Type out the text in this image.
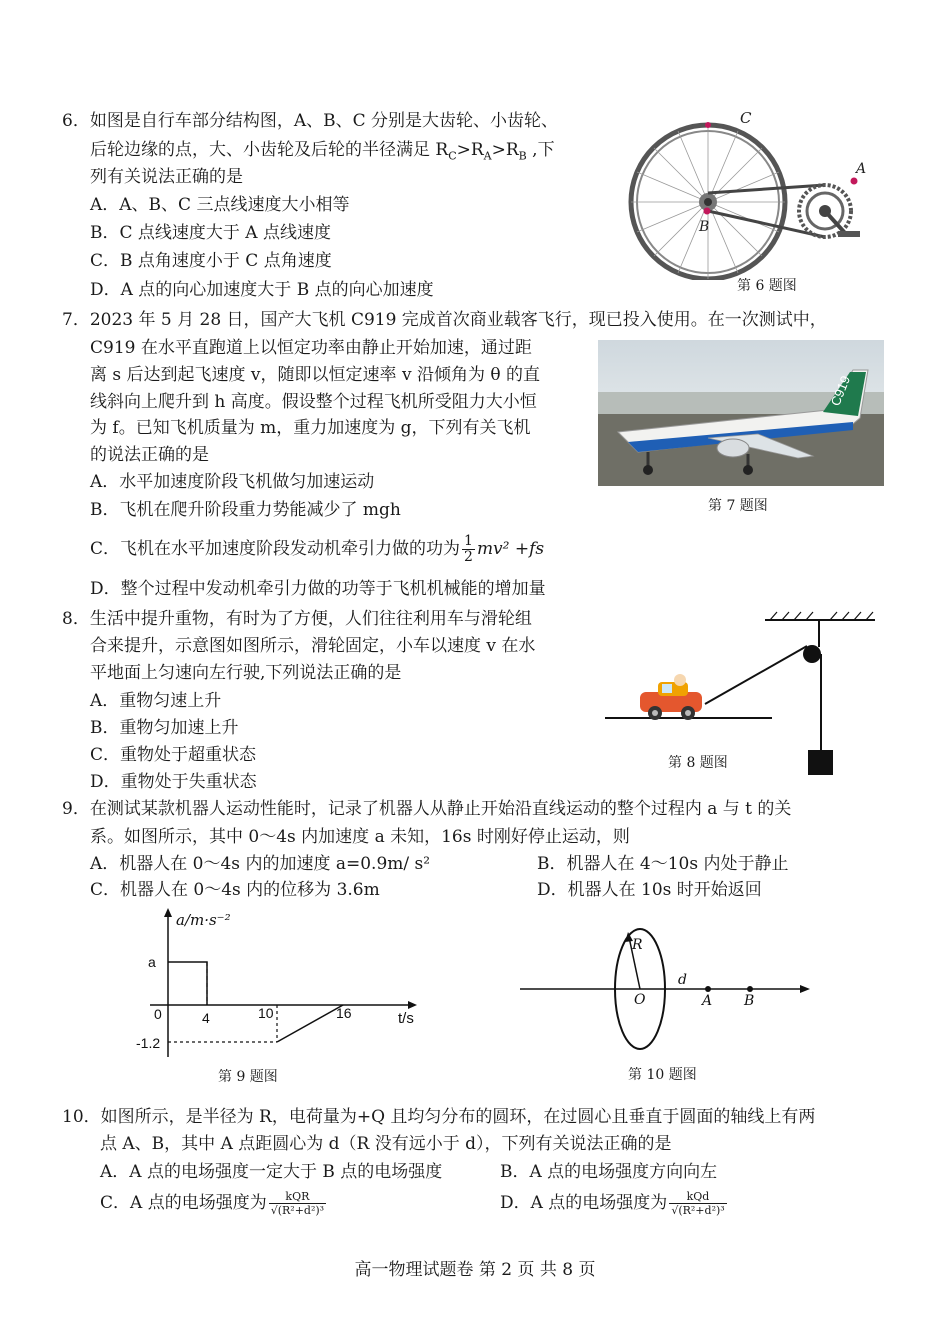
6．如图是自行车部分结构图，A、B、C 分别是大齿轮、小齿轮、
后轮边缘的点，大、小齿轮及后轮的半径满足 $R_C>R_A>R_B$ ,下
列有关说法正确的是
A．A、B、C 三点线速度大小相等
B．C 点线速度大于 A 点线速度
C．B 点角速度小于 C 点角速度
D．A 点的向心加速度大于 B 点的向心加速度
C
A
B
第 6 题图
7．2023 年 5 月 28 日，国产大飞机 C919 完成首次商业载客飞行，现已投入使用。在一次测试中，
C919 在水平直跑道上以恒定功率由静止开始加速，通过距
离 s 后达到起飞速度 v，随即以恒定速率 v 沿倾角为 θ 的直
线斜向上爬升到 h 高度。假设整个过程飞机所受阻力大小恒
为 f。已知飞机质量为 m，重力加速度为 g，下列有关飞机
的说法正确的是
A．水平加速度阶段飞机做匀加速运动
B．飞机在爬升阶段重力势能减少了 mgh
C．飞机在水平加速度阶段发动机牵引力做的功为 $\frac{1}{2} mv^2 +fs$
D．整个过程中发动机牵引力做的功等于飞机机械能的增加量
C919
第 7 题图
8．生活中提升重物，有时为了方便，人们往往利用车与滑轮组
合来提升，示意图如图所示，滑轮固定，小车以速度 v 在水
平地面上匀速向左行驶,下列说法正确的是
A．重物匀速上升
B．重物匀加速上升
C．重物处于超重状态
D．重物处于失重状态
第 8 题图
9．在测试某款机器人运动性能时，记录了机器人从静止开始沿直线运动的整个过程内 a 与 t 的关
系。如图所示，其中 0～4s 内加速度 a 未知，16s 时刚好停止运动，则
A．机器人在 0～4s 内的加速度 a=0.9m/ s²	B．机器人在 4～10s 内处于静止
C．机器人在 0～4s 内的位移为 3.6m	D．机器人在 10s 时开始返回
a/m·s⁻²
t/s
a
-1.2
0	4	10	16
第 9 题图
R
O
d
A B
第 10 题图
10．如图所示，是半径为 R，电荷量为+Q 且均匀分布的圆环，在过圆心且垂直于圆面的轴线上有两
点 A、B，其中 A 点距圆心为 d（R 没有远小于 d），下列有关说法正确的是
A．A 点的电场强度一定大于 B 点的电场强度	B．A 点的电场强度方向向左
C．A 点的电场强度为 $\frac{\text{kQR}}{\text{√(R²+d²)³}}$	D．A 点的电场强度为 $\frac{\text{kQd}}{\text{√(R²+d²)³}}$
高一物理试题卷 第 2 页 共 8 页
